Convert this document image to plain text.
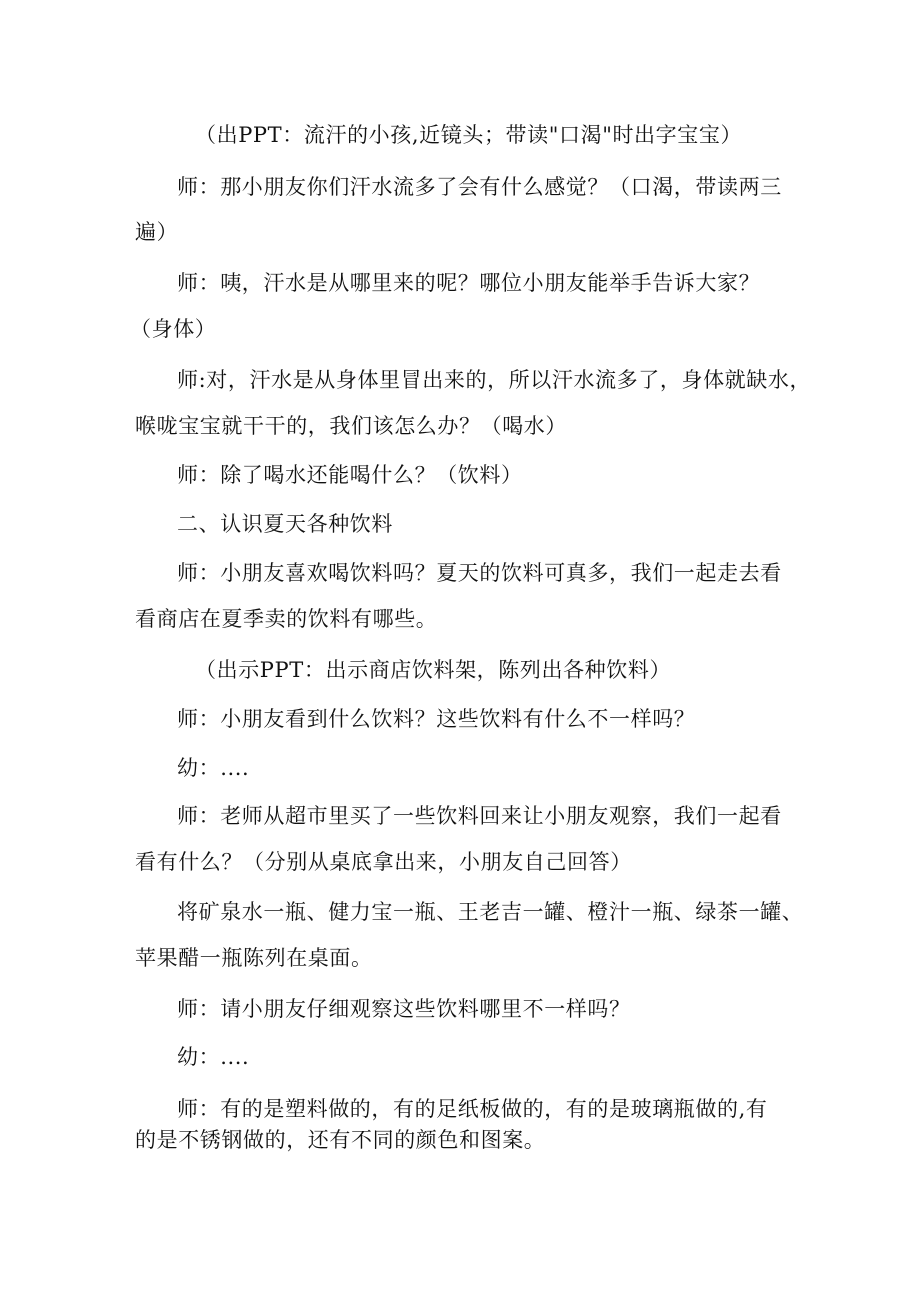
（出PPT：流汗的小孩,近镜头；带读"口渴"时出字宝宝）
师：那小朋友你们汗水流多了会有什么感觉？（口渴，带读两三
遍）
师：咦，汗水是从哪里来的呢？哪位小朋友能举手告诉大家？
（身体）
师:对，汗水是从身体里冒出来的，所以汗水流多了，身体就缺水，
喉咙宝宝就干干的，我们该怎么办？（喝水）
师：除了喝水还能喝什么？（饮料）
二、认识夏天各种饮料
师：小朋友喜欢喝饮料吗？夏天的饮料可真多，我们一起走去看
看商店在夏季卖的饮料有哪些。
（出示PPT：出示商店饮料架，陈列出各种饮料）
师：小朋友看到什么饮料？这些饮料有什么不一样吗？
幼：....
师：老师从超市里买了一些饮料回来让小朋友观察，我们一起看
看有什么？（分别从桌底拿出来，小朋友自己回答）
将矿泉水一瓶、健力宝一瓶、王老吉一罐、橙汁一瓶、绿茶一罐、
苹果醋一瓶陈列在桌面。
师：请小朋友仔细观察这些饮料哪里不一样吗？
幼：....
师：有的是塑料做的，有的足纸板做的，有的是玻璃瓶做的,有
的是不锈钢做的，还有不同的颜色和图案。
